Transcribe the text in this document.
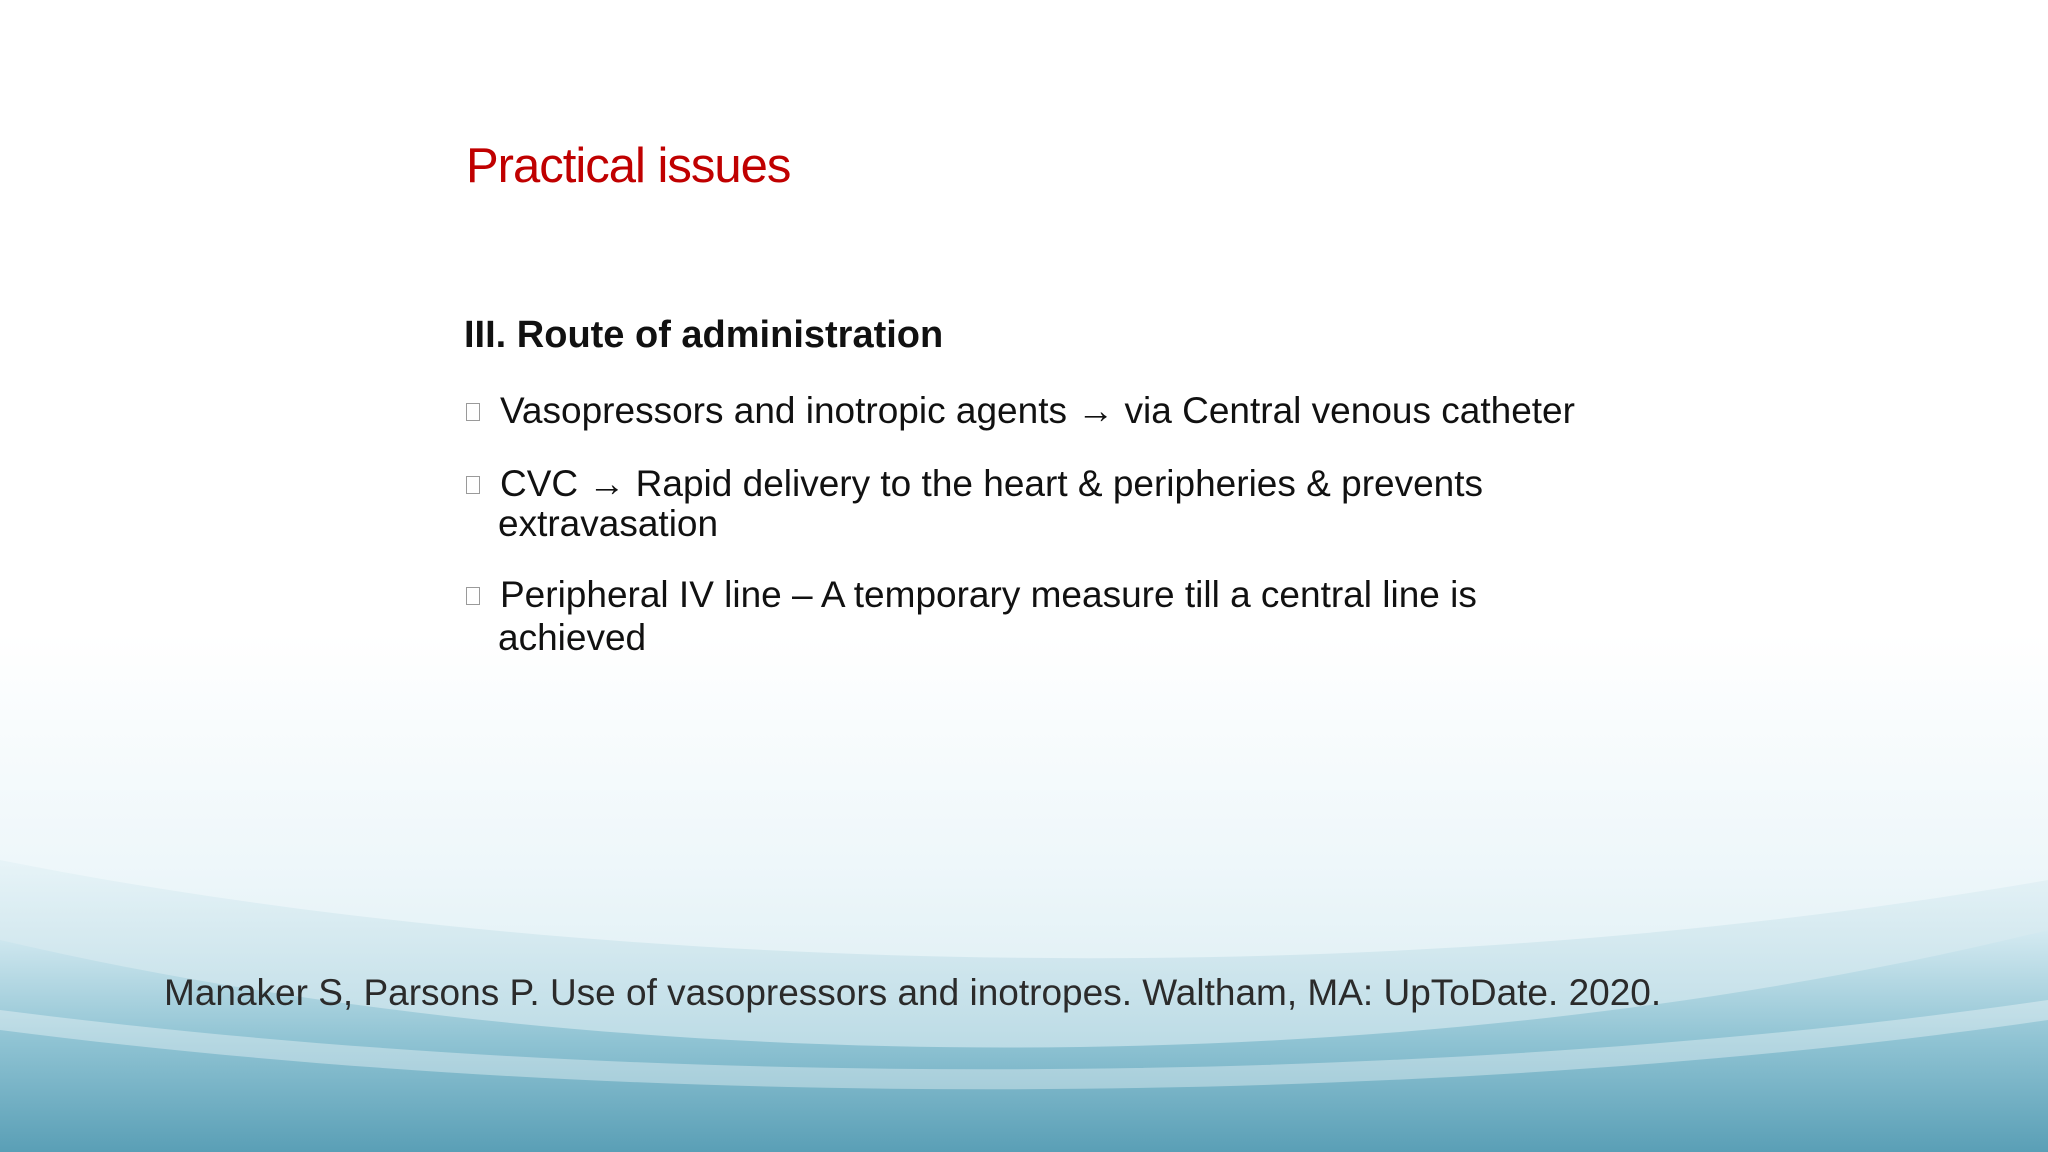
Practical issues
III. Route of administration
Vasopressors and inotropic agents → via Central venous catheter
CVC → Rapid delivery to the heart & peripheries & prevents
extravasation
Peripheral IV line – A temporary measure till a central line is
achieved
Manaker S, Parsons P. Use of vasopressors and inotropes. Waltham, MA: UpToDate. 2020.
